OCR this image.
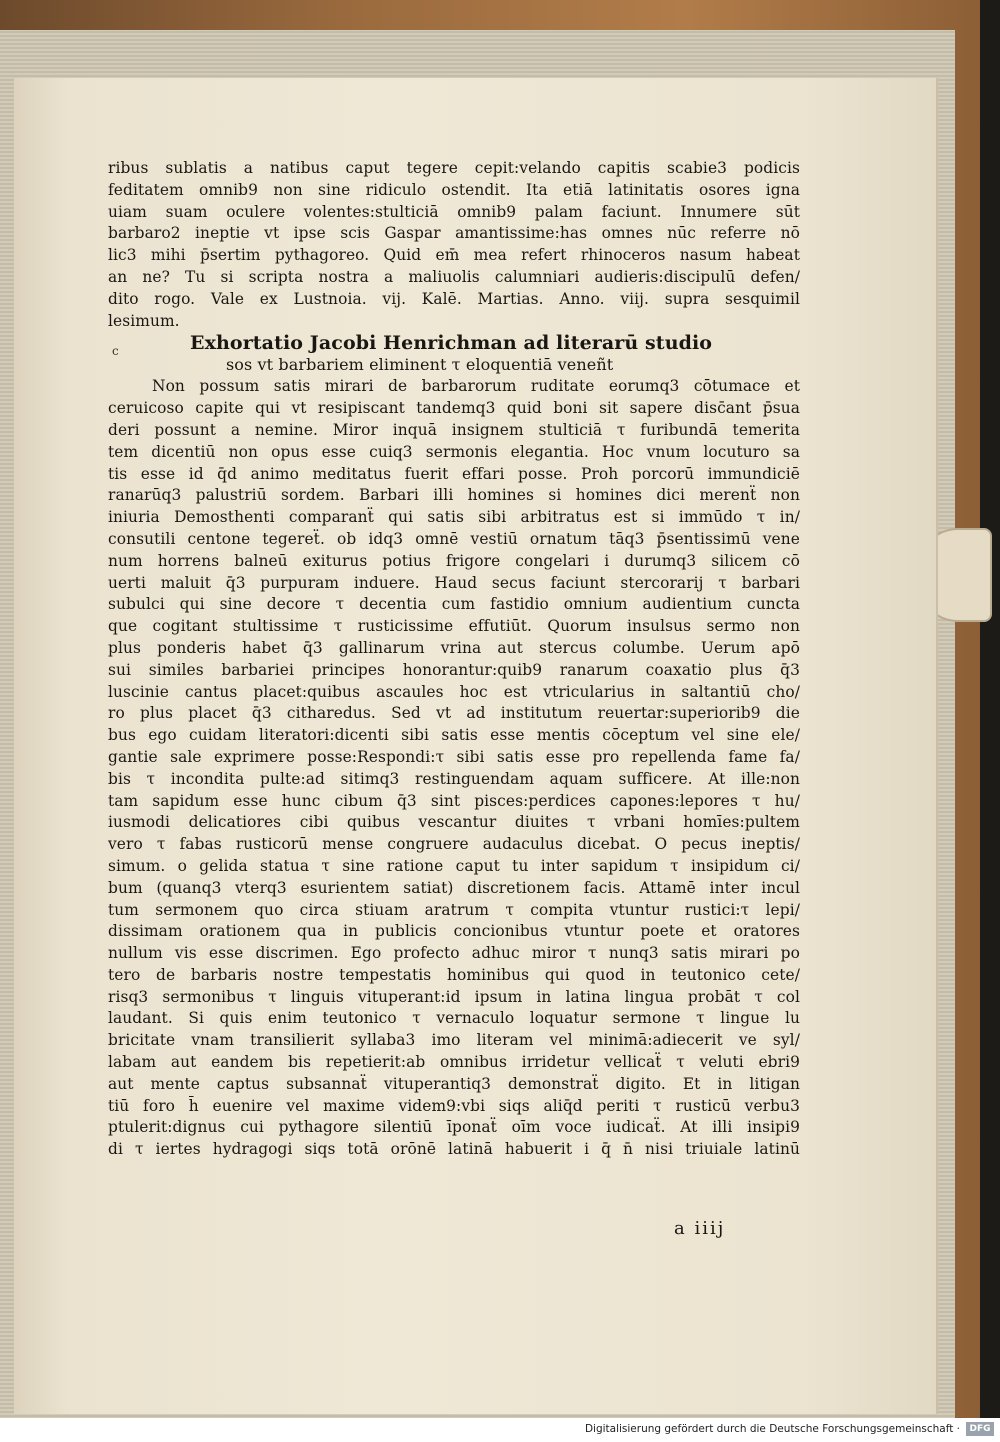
ribus sublatis a natibus caput tegere cepit:velando capitis scabie3 podicis
feditatem omnib9 non sine ridiculo ostendit. Ita etiā latinitatis osores igna
uiam suam oculere volentes:stulticiā omnib9 palam faciunt. Innumere sūt
barbaro2 ineptie vt ipse scis Gaspar amantissime:has omnes nūc referre nō
lic3 mihi p̄sertim pythagoreo. Quid em̄ mea refert rhinoceros nasum habeat
an ne? Tu si scripta nostra a maliuolis calumniari audieris:discipulū defen/
dito rogo. Vale ex Lustnoia. vij. Kalē. Martias. Anno. viij. supra sesquimil
lesimum.
Exhortatio Jacobi Henrichman ad literarū studio
sos vt barbariem eliminent τ eloquentiā veneñt
Non possum satis mirari de barbarorum ruditate eorumq3 cōtumace et
ceruicoso capite qui vt resipiscant tandemq3 quid boni sit sapere disc̄ant p̄sua
deri possunt a nemine. Miror inquā insignem stulticiā τ furibundā temerita
tem dicentiū non opus esse cuiq3 sermonis elegantia. Hoc vnum locuturo sa
tis esse id q̄d animo meditatus fuerit effari posse. Proh porcorū immundiciē
ranarūq3 palustriū sordem. Barbari illi homines si homines dici merenẗ non
iniuria Demosthenti comparanẗ qui satis sibi arbitratus est si immūdo τ in/
consutili centone tegereẗ. ob idq3 omnē vestiū ornatum tāq3 p̄sentissimū vene
num horrens balneū exiturus potius frigore congelari i durumq3 silicem cō
uerti maluit q̄3 purpuram induere. Haud secus faciunt stercorarij τ barbari
subulci qui sine decore τ decentia cum fastidio omnium audientium cuncta
que cogitant stultissime τ rusticissime effutiūt. Quorum insulsus sermo non
plus ponderis habet q̄3 gallinarum vrina aut stercus columbe. Uerum apō
sui similes barbariei principes honorantur:quib9 ranarum coaxatio plus q̄3
luscinie cantus placet:quibus ascaules hoc est vtricularius in saltantiū cho/
ro plus placet q̄3 citharedus. Sed vt ad institutum reuertar:superiorib9 die
bus ego cuidam literatori:dicenti sibi satis esse mentis cōceptum vel sine ele/
gantie sale exprimere posse:Respondi:τ sibi satis esse pro repellenda fame fa/
bis τ incondita pulte:ad sitimq3 restinguendam aquam sufficere. At ille:non
tam sapidum esse hunc cibum q̄3 sint pisces:perdices capones:lepores τ hu/
iusmodi delicatiores cibi quibus vescantur diuites τ vrbani homīes:pultem
vero τ fabas rusticorū mense congruere audaculus dicebat. O pecus ineptis/
simum. o gelida statua τ sine ratione caput tu inter sapidum τ insipidum ci/
bum (quanq3 vterq3 esurientem satiat) discretionem facis. Attamē inter incul
tum sermonem quo circa stiuam aratrum τ compita vtuntur rustici:τ lepi/
dissimam orationem qua in publicis concionibus vtuntur poete et oratores
nullum vis esse discrimen. Ego profecto adhuc miror τ nunq3 satis mirari po
tero de barbaris nostre tempestatis hominibus qui quod in teutonico cete/
risq3 sermonibus τ linguis vituperant:id ipsum in latina lingua probāt τ col
laudant. Si quis enim teutonico τ vernaculo loquatur sermone τ lingue lu
bricitate vnam transilierit syllaba3 imo literam vel minimā:adiecerit ve syl/
labam aut eandem bis repetierit:ab omnibus irridetur vellicaẗ τ veluti ebri9
aut mente captus subsannaẗ vituperantiq3 demonstraẗ digito. Et in litigan
tiū foro h̄ euenire vel maxime videm9:vbi siqs aliq̄d periti τ rusticū verbu3
ptulerit:dignus cui pythagore silentiū īponaẗ oīm voce iudicaẗ. At illi insipi9
di τ iertes hydragogi siqs totā orōnē latinā habuerit i q̄ n̄ nisi triuiale latinū
c
a iiij
Digitalisierung gefördert durch die Deutsche Forschungsgemeinschaft ·	DFG
